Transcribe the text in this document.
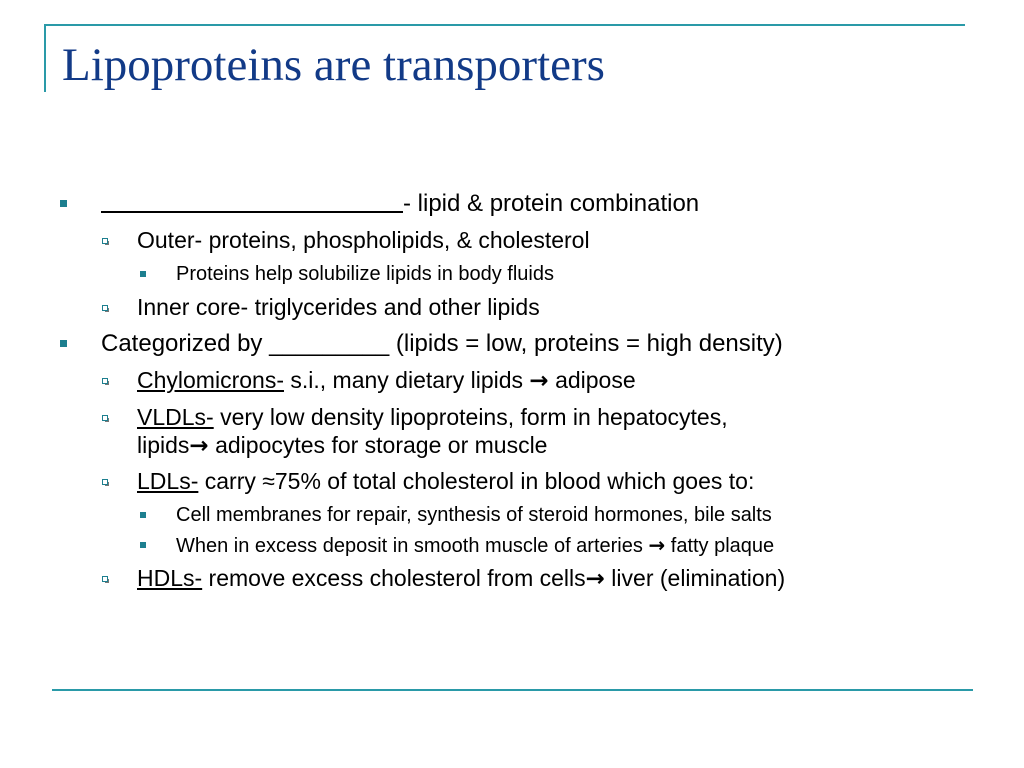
Lipoproteins are transporters
- lipid & protein combination
Outer- proteins, phospholipids, & cholesterol
Proteins help solubilize lipids in body fluids
Inner core- triglycerides and other lipids
Categorized by _________ (lipids = low, proteins = high density)
Chylomicrons- s.i., many dietary lipids → adipose
VLDLs- very low density lipoproteins, form in hepatocytes,
lipids→ adipocytes for storage or muscle
LDLs- carry ≈75% of total cholesterol in blood which goes to:
Cell membranes for repair, synthesis of steroid hormones, bile salts
When in excess deposit in smooth muscle of arteries → fatty plaque
HDLs- remove excess cholesterol from cells→ liver (elimination)
